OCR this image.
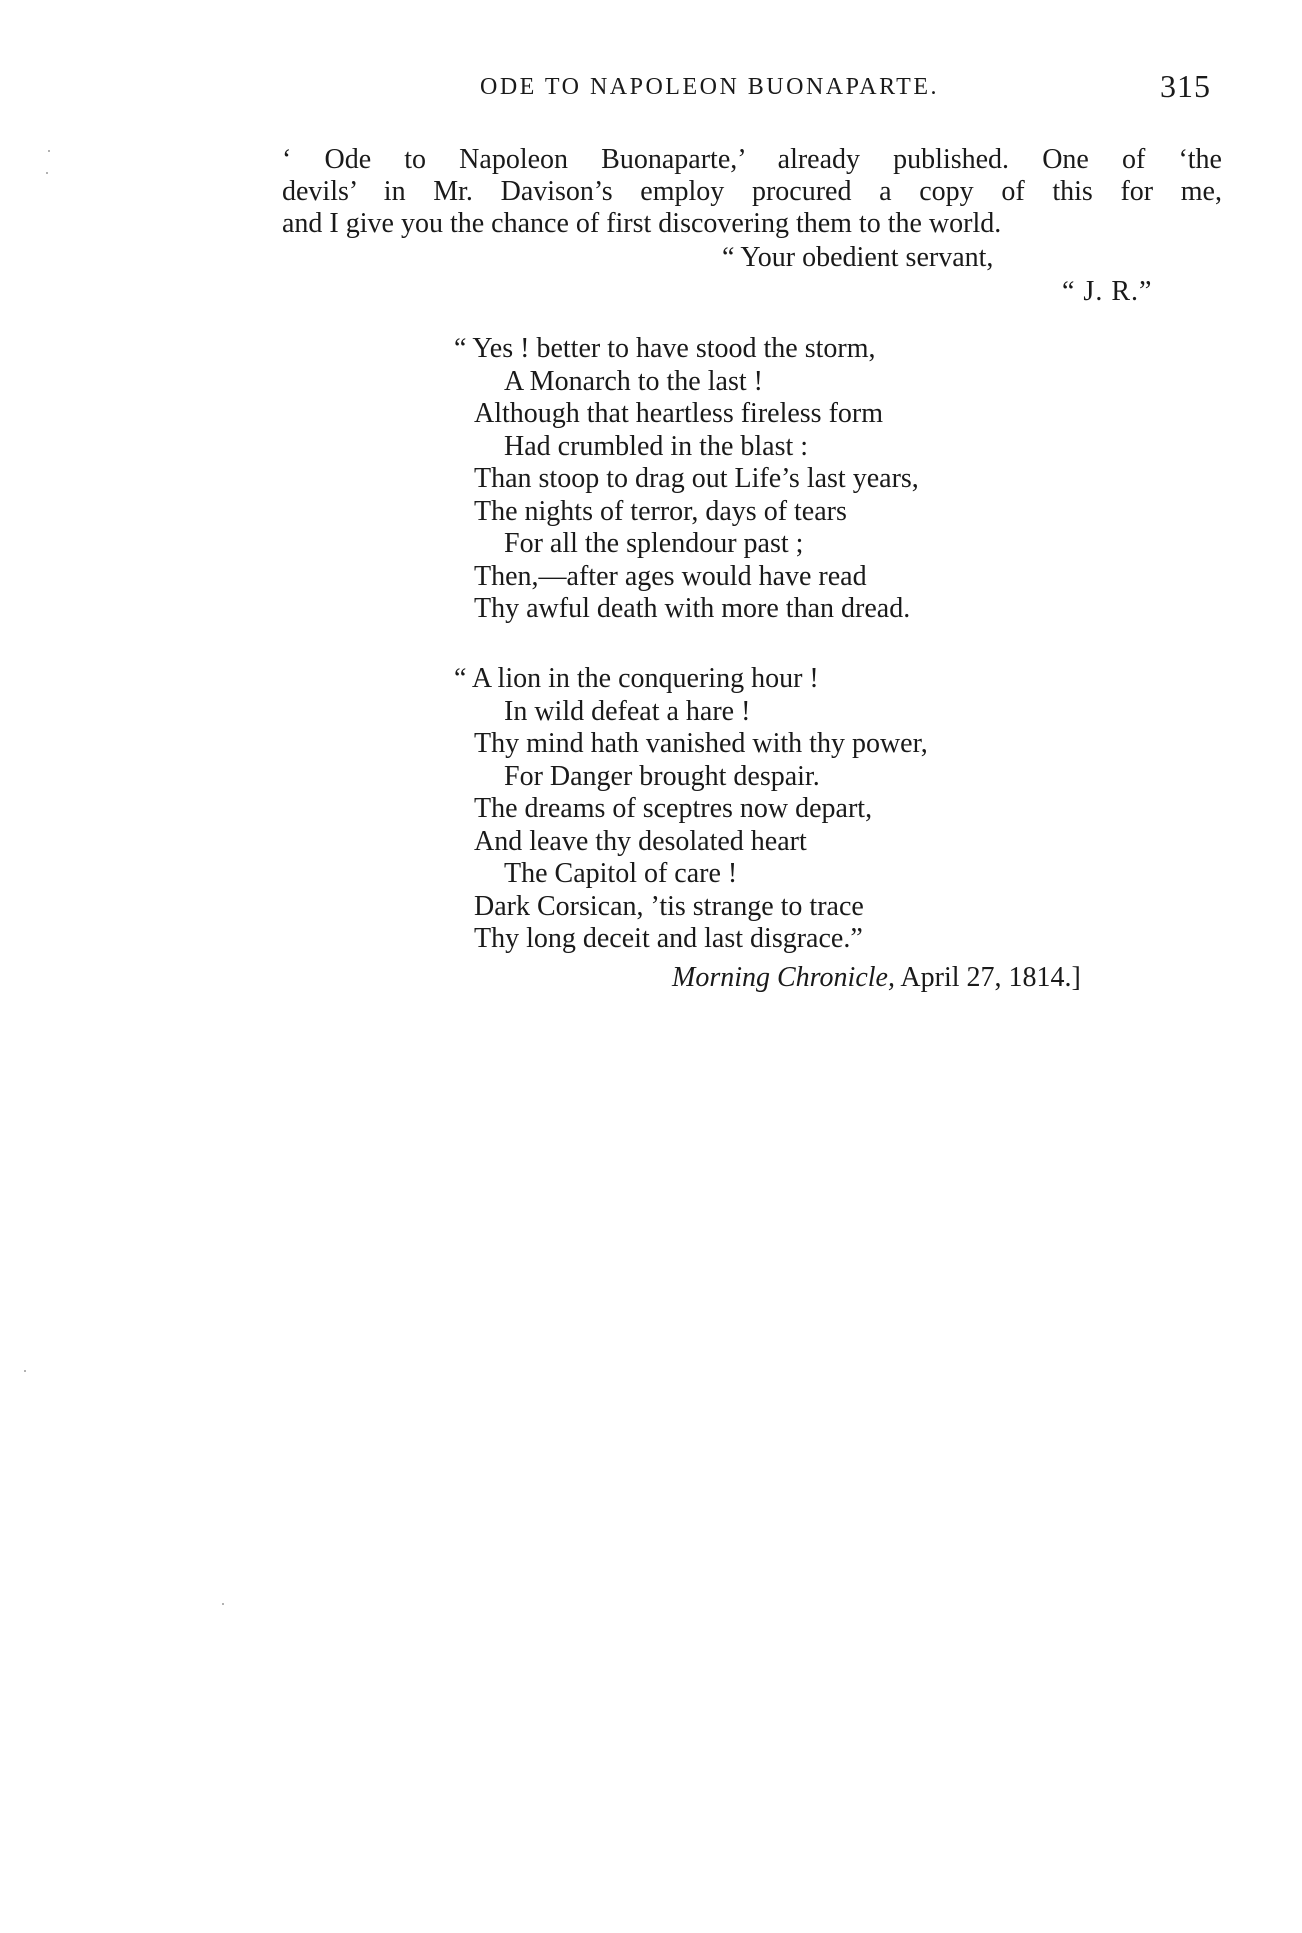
ODE TO NAPOLEON BUONAPARTE.	315
‘ Ode to Napoleon Buonaparte,’ already published. One of ‘the
devils’ in Mr. Davison’s employ procured a copy of this for me,
and I give you the chance of first discovering them to the world.
“ Your obedient servant,
“ J. R.”
“ Yes ! better to have stood the storm,
A Monarch to the last !
Although that heartless fireless form
Had crumbled in the blast :
Than stoop to drag out Life’s last years,
The nights of terror, days of tears
For all the splendour past ;
Then,—after ages would have read
Thy awful death with more than dread.
“ A lion in the conquering hour !
In wild defeat a hare !
Thy mind hath vanished with thy power,
For Danger brought despair.
The dreams of sceptres now depart,
And leave thy desolated heart
The Capitol of care !
Dark Corsican, ’tis strange to trace
Thy long deceit and last disgrace.”
Morning Chronicle, April 27, 1814.]
